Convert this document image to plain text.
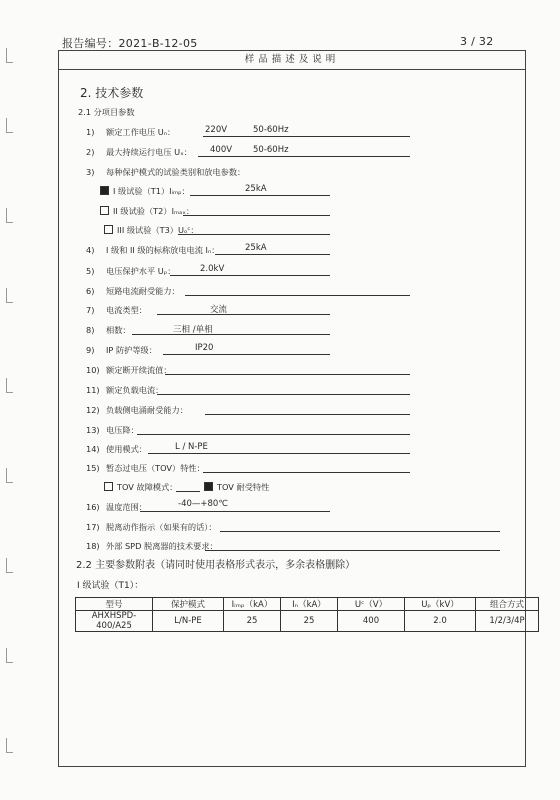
报告编号：2021-B-12-05	3 / 32
样品描述及说明
2. 技术参数
2.1 分项目参数
1) 额定工作电压 Uₙ：	220V	50-60Hz
2) 最大持续运行电压 Uₓ： 400V 50-60Hz
3) 每种保护模式的试验类别和放电参数：
I 级试验（T1）Iᵢₘₚ：	25kA
II 级试验（T2）Iₘₐₓ：
III 级试验（T3）Uₒᶜ：
4) I 级和 II 级的标称放电电流 Iₙ：	25kA
5) 电压保护水平 Uₚ：	2.0kV
6) 短路电流耐受能力：
7) 电流类型：	交流
8) 相数：	三相 /单相
9) IP 防护等级：	IP20
10) 额定断开续流值：
11) 额定负载电流：
12) 负载侧电涌耐受能力：
13) 电压降：
14) 使用模式：	L / N-PE
15) 暂态过电压（TOV）特性：
TOV 故障模式：	TOV 耐受特性
16) 温度范围：	-40—+80℃
17) 脱离动作指示（如果有的话）：
18) 外部 SPD 脱离器的技术要求：
2.2 主要参数附表（请同时使用表格形式表示，多余表格删除）
I 级试验（T1）：
型号	保护模式	Iᵢₘₚ（kA）	Iₙ（kA）	Uᶜ（V）	Uₚ（kV）	组合方式
AHXHSPD-400/A25	L/N-PE	25	25	400	2.0	1/2/3/4P
